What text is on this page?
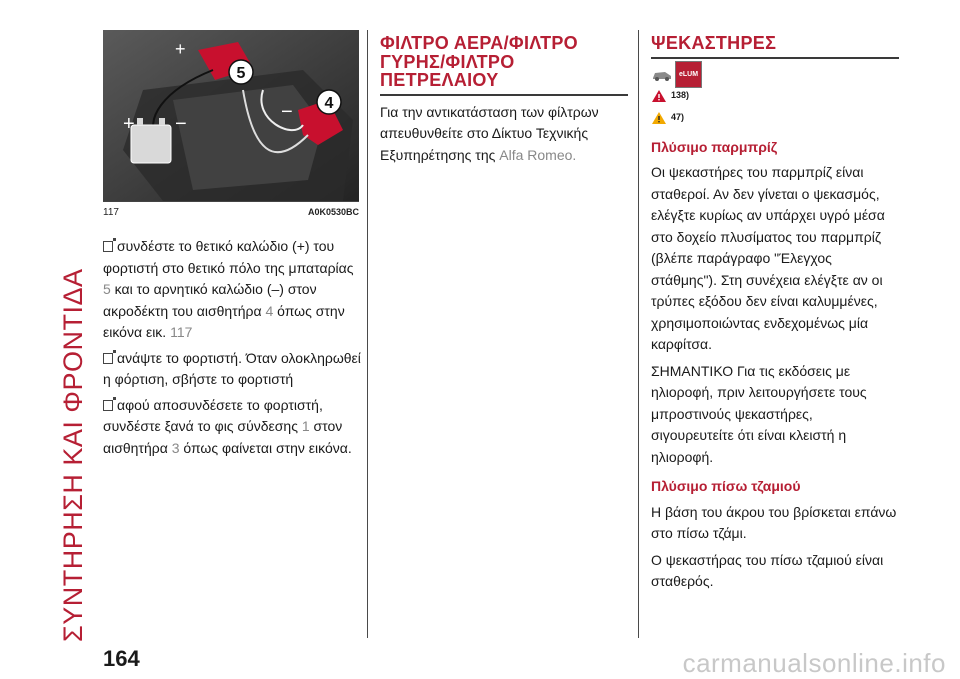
ΣΥΝΤΗΡΗΣΗ ΚΑΙ ΦΡΟΝΤΙΔΑ
+ −
+
−
5
4
117	A0K0530BC
συνδέστε το θετικό καλώδιο (+) του φορτιστή στο θετικό πόλο της μπαταρίας 5 και το αρνητικό καλώδιο (–) στον ακροδέκτη του αισθητήρα 4 όπως στην εικόνα εικ. 117
ανάψτε το φορτιστή. Όταν ολοκληρωθεί η φόρτιση, σβήστε το φορτιστή
αφού αποσυνδέσετε το φορτιστή, συνδέστε ξανά το φις σύνδεσης 1 στον αισθητήρα 3 όπως φαίνεται στην εικόνα.
ΦΙΛΤΡΟ ΑΕΡΑ/ΦΙΛΤΡΟ ΓΥΡΗΣ/ΦΙΛΤΡΟ ΠΕΤΡΕΛΑΙΟΥ

Για την αντικατάσταση των φίλτρων απευθυνθείτε στο Δίκτυο Τεχνικής Εξυπηρέτησης της Alfa Romeo.

ΨΕΚΑΣΤΗΡΕΣ
eLUM
138)
47)
Πλύσιμο παρμπρίζ

Οι ψεκαστήρες του παρμπρίζ είναι σταθεροί. Αν δεν γίνεται ο ψεκασμός, ελέγξτε κυρίως αν υπάρχει υγρό μέσα στο δοχείο πλυσίματος του παρμπρίζ (βλέπε παράγραφο "Έλεγχος στάθμης"). Στη συνέχεια ελέγξτε αν οι τρύπες εξόδου δεν είναι καλυμμένες, χρησιμοποιώντας ενδεχομένως μία καρφίτσα.

ΣΗΜΑΝΤΙΚΟ Για τις εκδόσεις με ηλιοροφή, πριν λειτουργήσετε τους μπροστινούς ψεκαστήρες, σιγουρευτείτε ότι είναι κλειστή η ηλιοροφή.

Πλύσιμο πίσω τζαμιού

Η βάση του άκρου του βρίσκεται επάνω στο πίσω τζάμι.

Ο ψεκαστήρας του πίσω τζαμιού είναι σταθερός.

164	carmanualsonline.info
